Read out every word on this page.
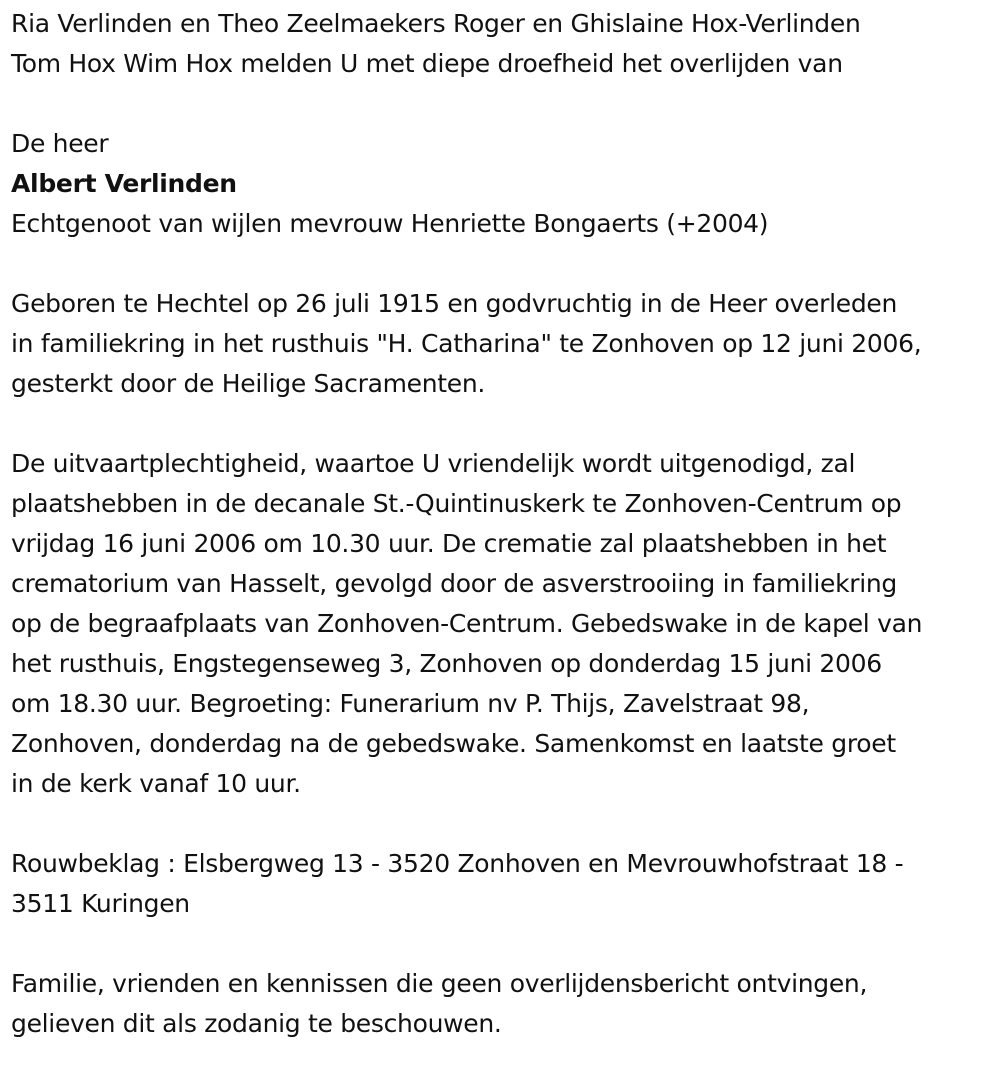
Ria Verlinden en Theo Zeelmaekers Roger en Ghislaine Hox-Verlinden
Tom Hox Wim Hox melden U met diepe droefheid het overlijden van
De heer
Albert Verlinden
Echtgenoot van wijlen mevrouw Henriette Bongaerts (+2004)
Geboren te Hechtel op 26 juli 1915 en godvruchtig in de Heer overleden
in familiekring in het rusthuis "H. Catharina" te Zonhoven op 12 juni 2006,
gesterkt door de Heilige Sacramenten.
De uitvaartplechtigheid, waartoe U vriendelijk wordt uitgenodigd, zal
plaatshebben in de decanale St.-Quintinuskerk te Zonhoven-Centrum op
vrijdag 16 juni 2006 om 10.30 uur. De crematie zal plaatshebben in het
crematorium van Hasselt, gevolgd door de asverstrooiing in familiekring
op de begraafplaats van Zonhoven-Centrum. Gebedswake in de kapel van
het rusthuis, Engstegenseweg 3, Zonhoven op donderdag 15 juni 2006
om 18.30 uur. Begroeting: Funerarium nv P. Thijs, Zavelstraat 98,
Zonhoven, donderdag na de gebedswake. Samenkomst en laatste groet
in de kerk vanaf 10 uur.
Rouwbeklag : Elsbergweg 13 - 3520 Zonhoven en Mevrouwhofstraat 18 -
3511 Kuringen
Familie, vrienden en kennissen die geen overlijdensbericht ontvingen,
gelieven dit als zodanig te beschouwen.
